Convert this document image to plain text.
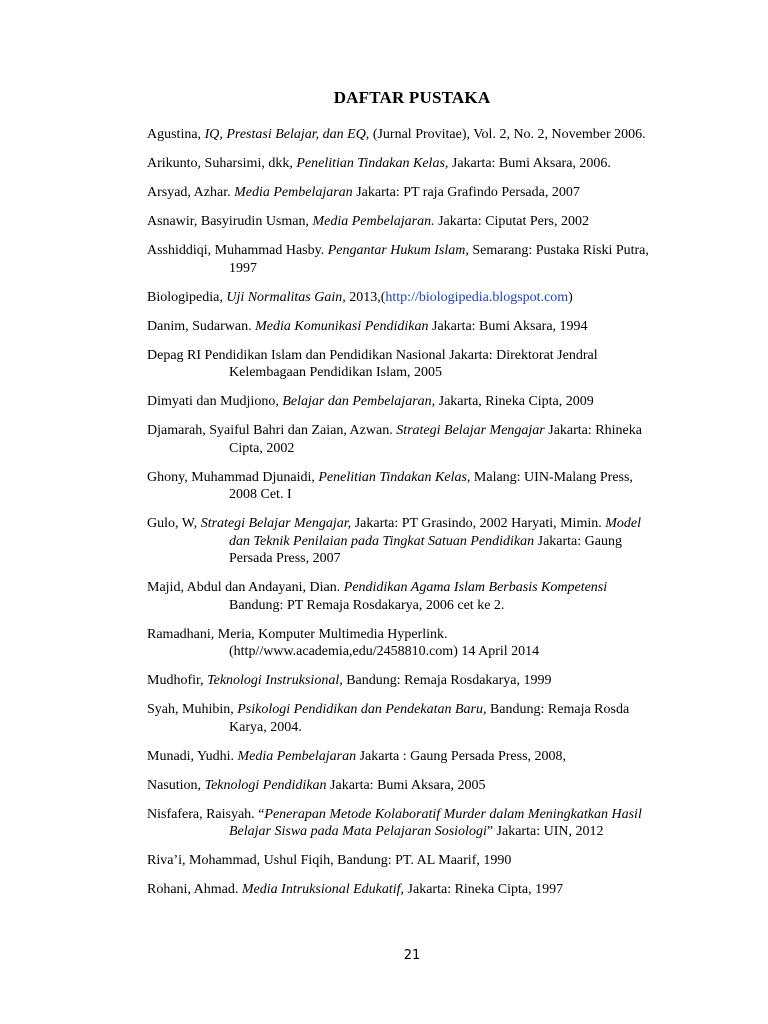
DAFTAR PUSTAKA

Agustina, IQ, Prestasi Belajar, dan EQ, (Jurnal Provitae), Vol. 2, No. 2, November 2006.

Arikunto, Suharsimi, dkk, Penelitian Tindakan Kelas, Jakarta: Bumi Aksara, 2006.

Arsyad, Azhar. Media Pembelajaran Jakarta: PT raja Grafindo Persada, 2007

Asnawir, Basyirudin Usman, Media Pembelajaran. Jakarta: Ciputat Pers, 2002

Asshiddiqi, Muhammad Hasby. Pengantar Hukum Islam, Semarang: Pustaka Riski Putra, 1997

Biologipedia, Uji Normalitas Gain, 2013,(http://biologipedia.blogspot.com)

Danim, Sudarwan. Media Komunikasi Pendidikan Jakarta: Bumi Aksara, 1994

Depag RI Pendidikan Islam dan Pendidikan Nasional Jakarta: Direktorat Jendral Kelembagaan Pendidikan Islam, 2005

Dimyati dan Mudjiono, Belajar dan Pembelajaran, Jakarta, Rineka Cipta, 2009

Djamarah, Syaiful Bahri dan Zaian, Azwan. Strategi Belajar Mengajar Jakarta: Rhineka Cipta, 2002

Ghony, Muhammad Djunaidi, Penelitian Tindakan Kelas, Malang: UIN-Malang Press, 2008 Cet. I

Gulo, W, Strategi Belajar Mengajar, Jakarta: PT Grasindo, 2002 Haryati, Mimin. Model dan Teknik Penilaian pada Tingkat Satuan Pendidikan Jakarta: Gaung Persada Press, 2007

Majid, Abdul dan Andayani, Dian. Pendidikan Agama Islam Berbasis Kompetensi Bandung: PT Remaja Rosdakarya, 2006 cet ke 2.

Ramadhani, Meria, Komputer Multimedia Hyperlink. (http//www.academia,edu/2458810.com) 14 April 2014

Mudhofir, Teknologi Instruksional, Bandung: Remaja Rosdakarya, 1999

Syah, Muhibin, Psikologi Pendidikan dan Pendekatan Baru, Bandung: Remaja Rosda Karya, 2004.

Munadi, Yudhi. Media Pembelajaran Jakarta : Gaung Persada Press, 2008,

Nasution, Teknologi Pendidikan Jakarta: Bumi Aksara, 2005

Nisfafera, Raisyah. “Penerapan Metode Kolaboratif Murder dalam Meningkatkan Hasil Belajar Siswa pada Mata Pelajaran Sosiologi” Jakarta: UIN, 2012

Riva’i, Mohammad, Ushul Fiqih, Bandung: PT. AL Maarif, 1990

Rohani, Ahmad. Media Intruksional Edukatif, Jakarta: Rineka Cipta, 1997

21
